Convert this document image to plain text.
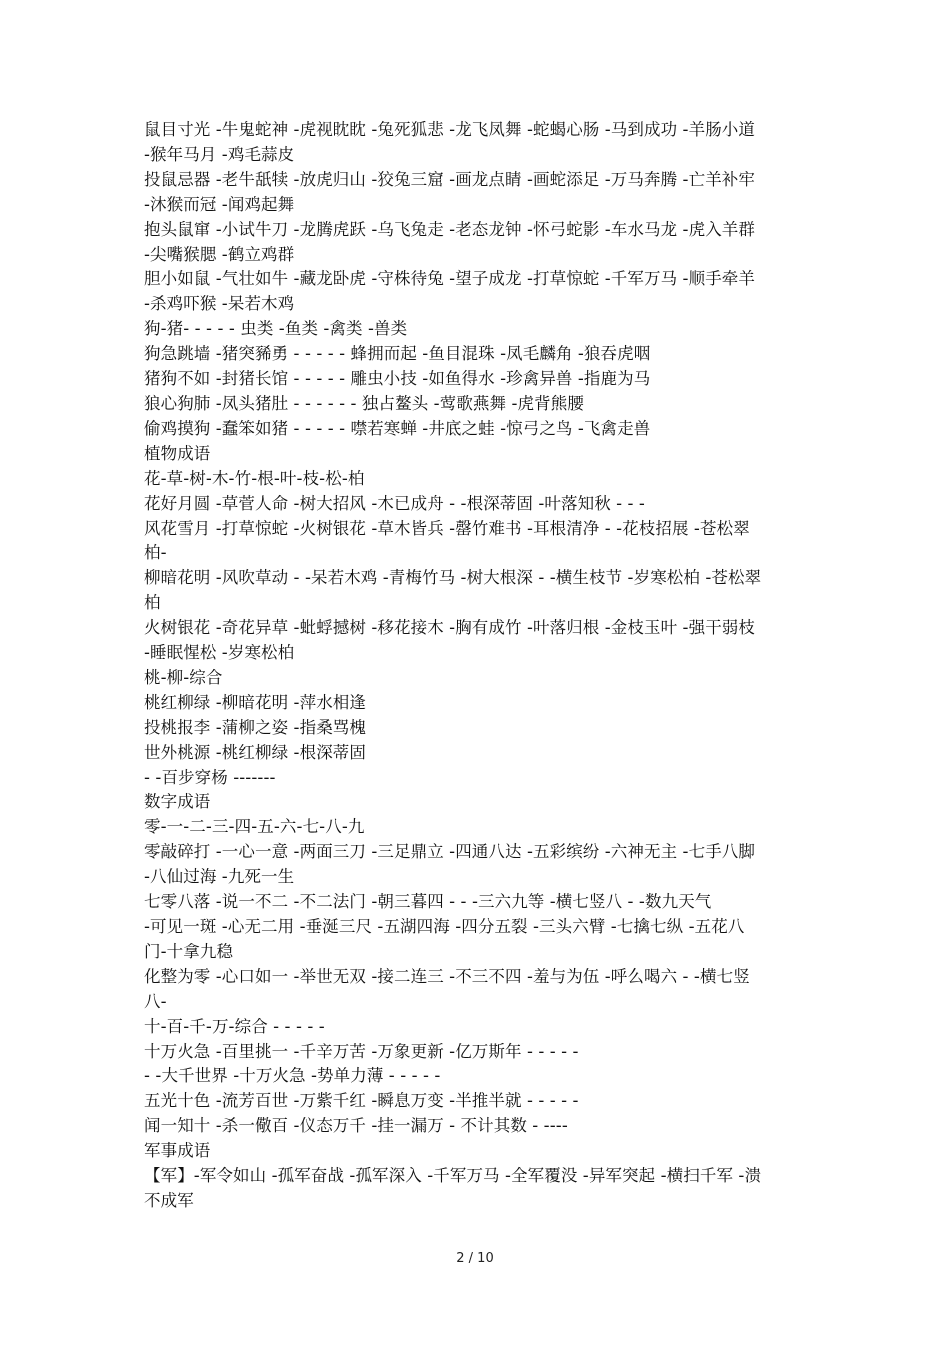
鼠目寸光 -牛鬼蛇神 -虎视眈眈 -兔死狐悲 -龙飞凤舞 -蛇蝎心肠 -马到成功 -羊肠小道
-猴年马月 -鸡毛蒜皮
投鼠忌器 -老牛舐犊 -放虎归山 -狡兔三窟 -画龙点睛 -画蛇添足 -万马奔腾 -亡羊补牢
-沐猴而冠 -闻鸡起舞
抱头鼠窜 -小试牛刀 -龙腾虎跃 -乌飞兔走 -老态龙钟 -怀弓蛇影 -车水马龙 -虎入羊群
-尖嘴猴腮 -鹤立鸡群
胆小如鼠 -气壮如牛 -藏龙卧虎 -守株待兔 -望子成龙 -打草惊蛇 -千军万马 -顺手牵羊
-杀鸡吓猴 -呆若木鸡
狗-猪- - - - - 虫类 -鱼类 -禽类 -兽类
狗急跳墙 -猪突豨勇 - - - - - 蜂拥而起 -鱼目混珠 -凤毛麟角 -狼吞虎咽
猪狗不如 -封猪长馆 - - - - - 雕虫小技 -如鱼得水 -珍禽异兽 -指鹿为马
狼心狗肺 -凤头猪肚 - - - - - - 独占鳌头 -莺歌燕舞 -虎背熊腰
偷鸡摸狗 -蠢笨如猪 - - - - - 噤若寒蝉 -井底之蛙 -惊弓之鸟 -飞禽走兽
植物成语
花-草-树-木-竹-根-叶-枝-松-柏
花好月圆 -草菅人命 -树大招风 -木已成舟 - -根深蒂固 -叶落知秋 - - -
风花雪月 -打草惊蛇 -火树银花 -草木皆兵 -罄竹难书 -耳根清净 - -花枝招展 -苍松翠
柏-
柳暗花明 -风吹草动 - -呆若木鸡 -青梅竹马 -树大根深 - -横生枝节 -岁寒松柏 -苍松翠
柏
火树银花 -奇花异草 -蚍蜉撼树 -移花接木 -胸有成竹 -叶落归根 -金枝玉叶 -强干弱枝
-睡眠惺松 -岁寒松柏
桃-柳-综合
桃红柳绿 -柳暗花明 -萍水相逢
投桃报李 -蒲柳之姿 -指桑骂槐
世外桃源 -桃红柳绿 -根深蒂固
- -百步穿杨 -------
数字成语
零-一-二-三-四-五-六-七-八-九
零敲碎打 -一心一意 -两面三刀 -三足鼎立 -四通八达 -五彩缤纷 -六神无主 -七手八脚
-八仙过海 -九死一生
七零八落 -说一不二 -不二法门 -朝三暮四 - - -三六九等 -横七竖八 - -数九天气
-可见一斑 -心无二用 -垂涎三尺 -五湖四海 -四分五裂 -三头六臂 -七擒七纵 -五花八
门-十拿九稳
化整为零 -心口如一 -举世无双 -接二连三 -不三不四 -羞与为伍 -呼么喝六 - -横七竖
八-
十-百-千-万-综合 - - - - -
十万火急 -百里挑一 -千辛万苦 -万象更新 -亿万斯年 - - - - -
- -大千世界 -十万火急 -势单力薄 - - - - -
五光十色 -流芳百世 -万紫千红 -瞬息万变 -半推半就 - - - - -
闻一知十 -杀一儆百 -仪态万千 -挂一漏万 - 不计其数 - ----
军事成语
【军】-军令如山 -孤军奋战 -孤军深入 -千军万马 -全军覆没 -异军突起 -横扫千军 -溃
不成军
2 / 10
